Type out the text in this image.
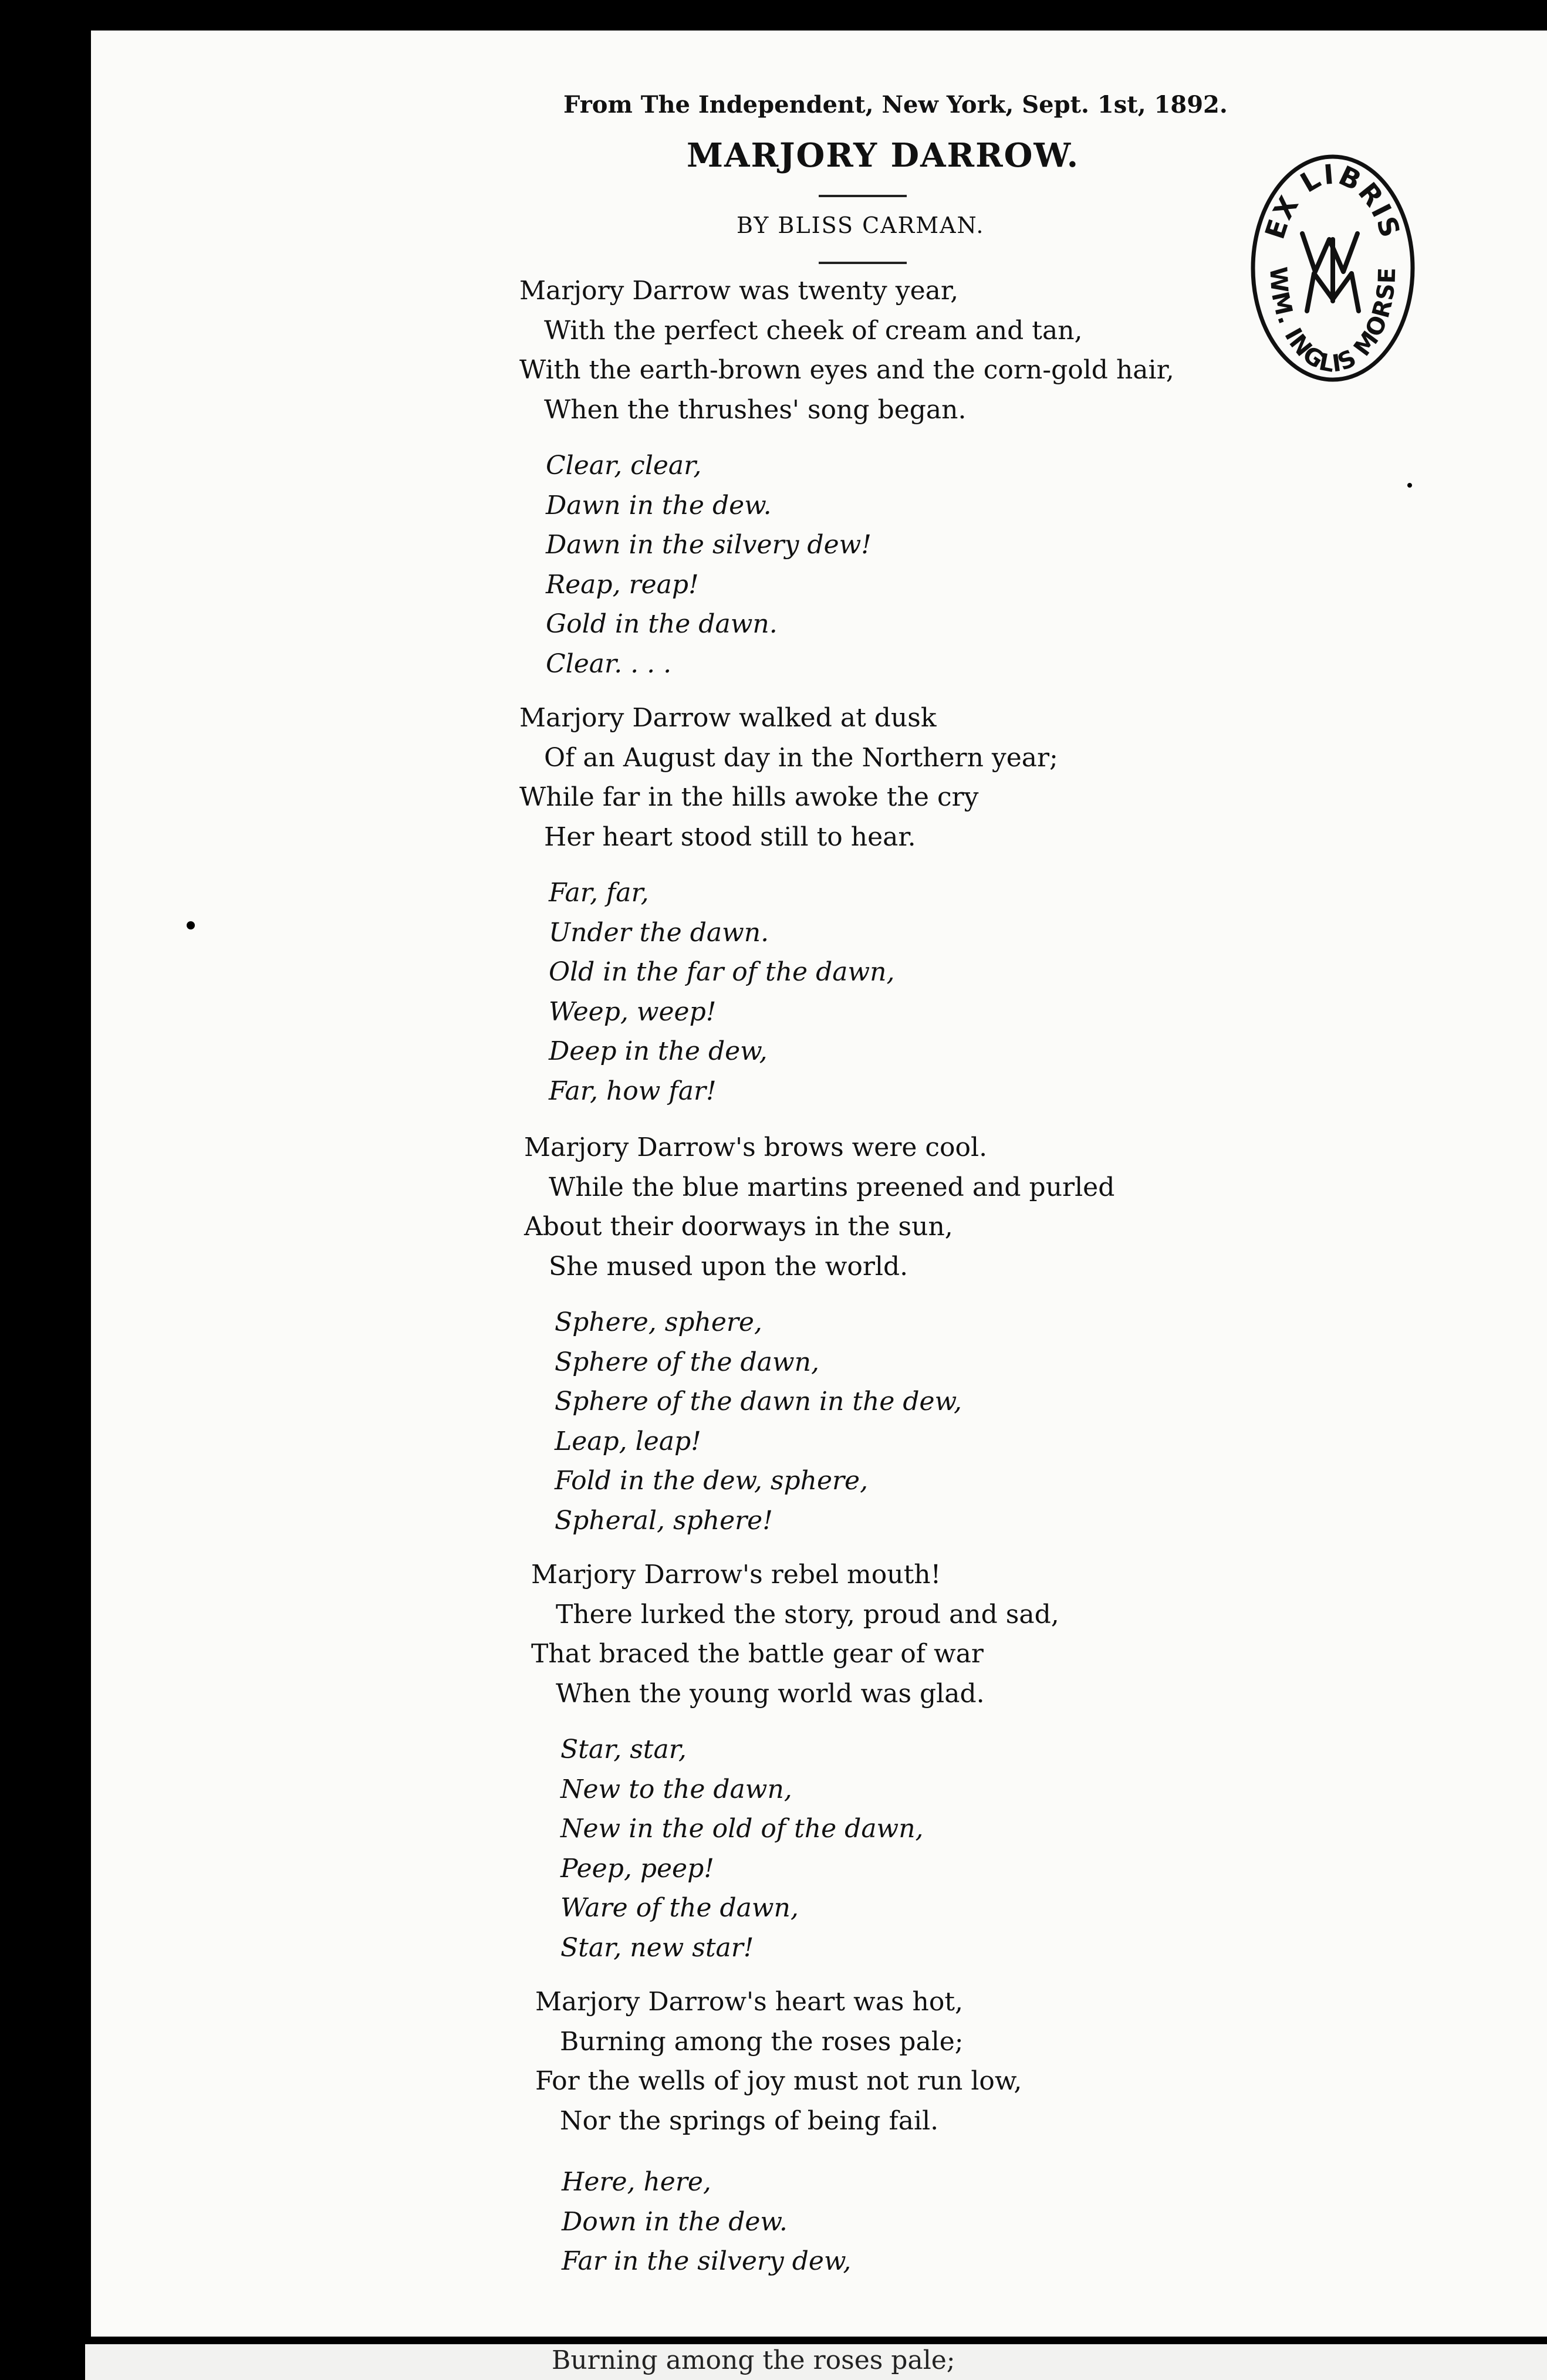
From The Independent, New York, Sept. 1st, 1892.
MARJORY DARROW.
BY BLISS CARMAN.	EX LIBRIS
WM. INGLIS MORSE
Marjory Darrow was twenty year,
With the perfect cheek of cream and tan,
With the earth-brown eyes and the corn-gold hair,
When the thrushes' song began.
Clear, clear,
Dawn in the dew.
Dawn in the silvery dew!
Reap, reap!
Gold in the dawn.
Clear. . . .
Marjory Darrow walked at dusk
Of an August day in the Northern year;
While far in the hills awoke the cry
Her heart stood still to hear.
Far, far,
Under the dawn.
Old in the far of the dawn,
Weep, weep!
Deep in the dew,
Far, how far!
Marjory Darrow's brows were cool.
While the blue martins preened and purled
About their doorways in the sun,
She mused upon the world.
Sphere, sphere,
Sphere of the dawn,
Sphere of the dawn in the dew,
Leap, leap!
Fold in the dew, sphere,
Spheral, sphere!
Marjory Darrow's rebel mouth!
There lurked the story, proud and sad,
That braced the battle gear of war
When the young world was glad.
Star, star,
New to the dawn,
New in the old of the dawn,
Peep, peep!
Ware of the dawn,
Star, new star!
Marjory Darrow's heart was hot,
Burning among the roses pale;
For the wells of joy must not run low,
Nor the springs of being fail.
Here, here,
Down in the dew.
Far in the silvery dew,
Burning among the roses pale;
